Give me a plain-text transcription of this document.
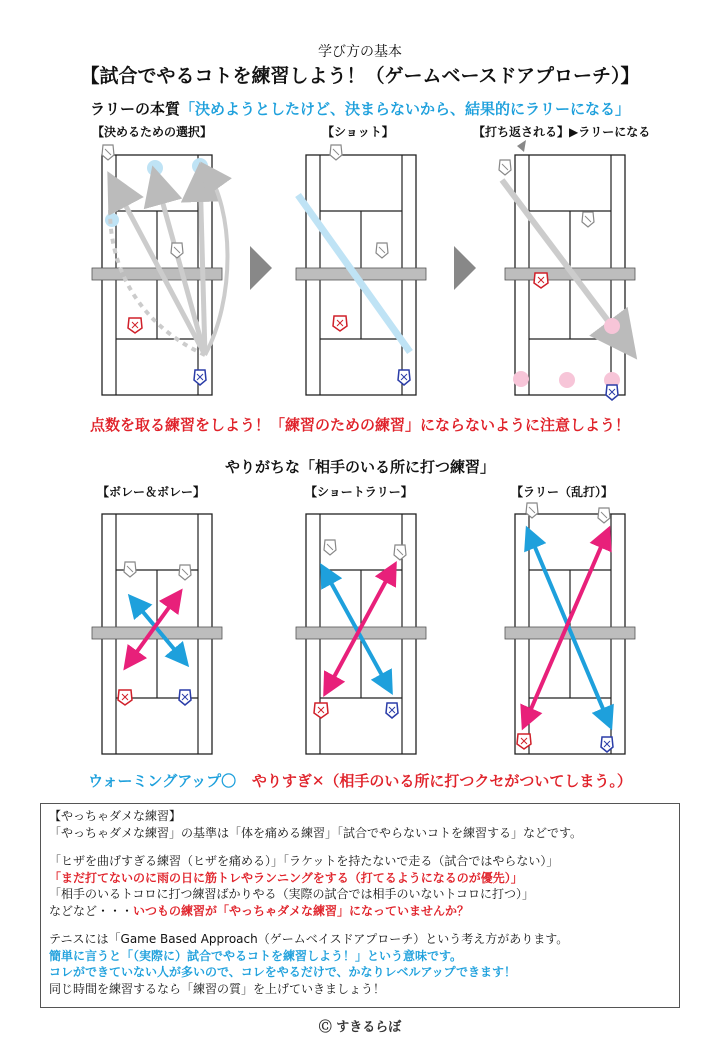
学び方の基本
【試合でやるコトを練習しよう！（ゲームベースドアプローチ）】
ラリーの本質「決めようとしたけど、決まらないから、結果的にラリーになる」
【決めるための選択】	【ショット】	【打ち返される】▶ラリーになる
点数を取る練習をしよう！「練習のための練習」にならないように注意しよう！
やりがちな「相手のいる所に打つ練習」
【ボレー＆ボレー】	【ショートラリー】	【ラリー（乱打）】
ウォーミングアップ〇 やりすぎ✕（相手のいる所に打つクセがついてしまう。）

【やっちゃダメな練習】

「やっちゃダメな練習」の基準は「体を痛める練習」「試合でやらないコトを練習する」などです。

「ヒザを曲げすぎる練習（ヒザを痛める）」「ラケットを持たないで走る（試合ではやらない）」

「まだ打てないのに雨の日に筋トレやランニングをする（打てるようになるのが優先）」

「相手のいるトコロに打つ練習ばかりやる（実際の試合では相手のいないトコロに打つ）」

などなど・・・いつもの練習が「やっちゃダメな練習」になっていませんか？

テニスには「Game Based Approach（ゲームベイスドアプローチ）という考え方があります。

簡単に言うと「（実際に）試合でやるコトを練習しよう！」という意味です。

コレができていない人が多いので、コレをやるだけで、かなりレベルアップできます！

同じ時間を練習するなら「練習の質」を上げていきましょう！

Ⓒ すきるらぼ
